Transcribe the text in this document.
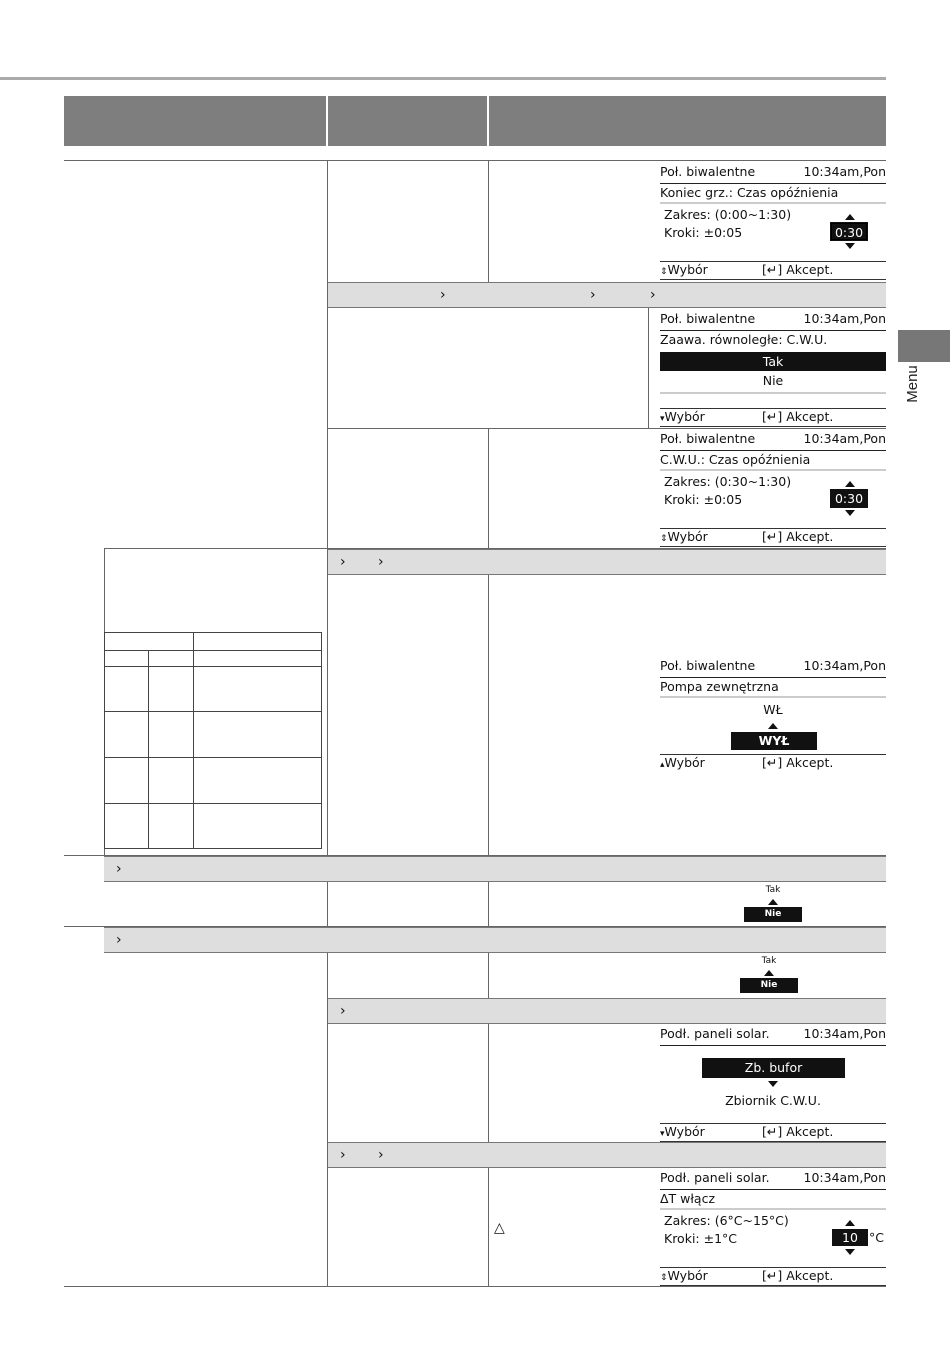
Menu
›	›	›
› ›
›
›
›
› ›
Poł. biwalentne	10:34am,Pon
Koniec grz.: Czas opóźnienia
Zakres: (0:00~1:30)
Kroki: ±0:05	0:30
⇕Wybór	[↵] Akcept.
Poł. biwalentne	10:34am,Pon
Zaawa. równoległe: C.W.U.
Tak
Nie
▾Wybór	[↵] Akcept.
Poł. biwalentne	10:34am,Pon
C.W.U.: Czas opóźnienia
Zakres: (0:30~1:30)
Kroki: ±0:05	0:30
⇕Wybór	[↵] Akcept.
Poł. biwalentne	10:34am,Pon
Pompa zewnętrzna
WŁ
WYŁ
▴Wybór	[↵] Akcept.
Tak
Nie
Tak
Nie
Podł. paneli solar.	10:34am,Pon
Zb. bufor
Zbiornik C.W.U.
▾Wybór	[↵] Akcept.
△
Podł. paneli solar.	10:34am,Pon
ΔT włącz
Zakres: (6°C~15°C)
Kroki: ±1°C	10 °C
⇕Wybór	[↵] Akcept.
